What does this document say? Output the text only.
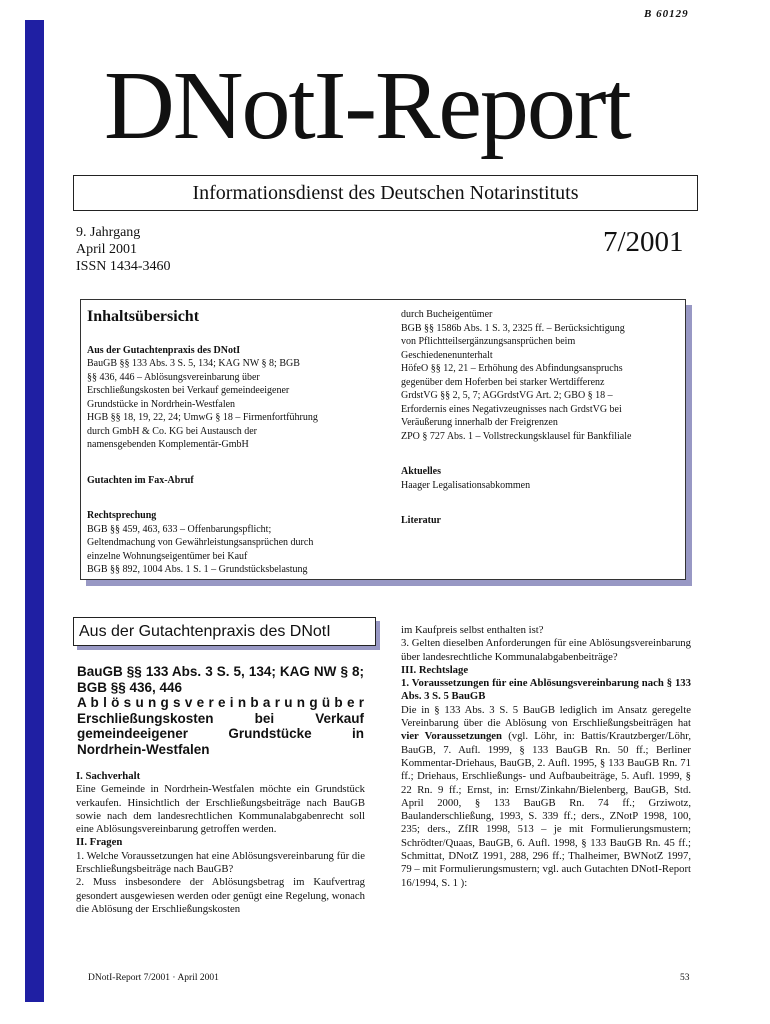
B 60129
DNotI-Report
Informationsdienst des Deutschen Notarinstituts
9. Jahrgang
April 2001
ISSN 1434-3460
7/2001
Inhaltsübersicht
Aus der Gutachtenpraxis des DNotI
BauGB §§ 133 Abs. 3 S. 5, 134; KAG NW § 8; BGB
§§ 436, 446 – Ablösungsvereinbarung über
Erschließungskosten bei Verkauf gemeindeeigener
Grundstücke in Nordrhein-Westfalen
HGB §§ 18, 19, 22, 24; UmwG § 18 – Firmenfortführung
durch GmbH & Co. KG bei Austausch der
namensgebenden Komplementär-GmbH
Gutachten im Fax-Abruf
Rechtsprechung
BGB §§ 459, 463, 633 – Offenbarungspflicht;
Geltendmachung von Gewährleistungsansprüchen durch
einzelne Wohnungseigentümer bei Kauf
BGB §§ 892, 1004 Abs. 1 S. 1 – Grundstücksbelastung
durch Bucheigentümer
BGB §§ 1586b Abs. 1 S. 3, 2325 ff. – Berücksichtigung
von Pflichtteilsergänzungsansprüchen beim
Geschiedenenunterhalt
HöfeO §§ 12, 21 – Erhöhung des Abfindungsanspruchs
gegenüber dem Hoferben bei starker Wertdifferenz
GrdstVG §§ 2, 5, 7; AGGrdstVG Art. 2; GBO § 18 –
Erfordernis eines Negativzeugnisses nach GrdstVG bei
Veräußerung innerhalb der Freigrenzen
ZPO § 727 Abs. 1 – Vollstreckungsklausel für Bankfiliale
Aktuelles
Haager Legalisationsabkommen
Literatur
Aus der Gutachtenpraxis des DNotI
BauGB §§ 133 Abs. 3 S. 5, 134; KAG NW § 8; BGB §§ 436, 446
A b l ö s u n g s v e r e i n b a r u n g ü b e r
Erschließungskosten bei Verkauf
gemeindeeigener Grundstücke in
Nordrhein-Westfalen

I. Sachverhalt

Eine Gemeinde in Nordrhein-Westfalen möchte ein Grundstück verkaufen. Hinsichtlich der Erschließungsbeiträge nach BauGB sowie nach dem landesrechtlichen Kommunalabgabenrecht soll eine Ablösungsvereinbarung getroffen werden.

II. Fragen

1. Welche Voraussetzungen hat eine Ablösungsvereinbarung für die Erschließungsbeiträge nach BauGB?

2. Muss insbesondere der Ablösungsbetrag im Kaufvertrag gesondert ausgewiesen werden oder genügt eine Regelung, wonach die Ablösung der Erschließungskosten

im Kaufpreis selbst enthalten ist?

3. Gelten dieselben Anforderungen für eine Ablösungsvereinbarung über landesrechtliche Kommunalabgabenbeiträge?

III. Rechtslage

1. Voraussetzungen für eine Ablösungsvereinbarung nach § 133 Abs. 3 S. 5 BauGB

Die in § 133 Abs. 3 S. 5 BauGB lediglich im Ansatz geregelte Vereinbarung über die Ablösung von Erschließungsbeiträgen hat vier Voraussetzungen (vgl. Löhr, in: Battis/Krautzberger/Löhr, BauGB, 7. Aufl. 1999, § 133 BauGB Rn. 50 ff.; Berliner Kommentar-Driehaus, BauGB, 2. Aufl. 1995, § 133 BauGB Rn. 71 ff.; Driehaus, Erschließungs- und Aufbaubeiträge, 5. Aufl. 1999, § 22 Rn. 9 ff.; Ernst, in: Ernst/Zinkahn/Bielenberg, BauGB, Std. April 2000, § 133 BauGB Rn. 74 ff.; Grziwotz, Baulanderschließung, 1993, S. 339 ff.; ders., ZNotP 1998, 100, 235; ders., ZfIR 1998, 513 – je mit Formulierungsmustern; Schrödter/Quaas, BauGB, 6. Aufl. 1998, § 133 BauGB Rn. 45 ff.; Schmittat, DNotZ 1991, 288, 296 ff.; Thalheimer, BWNotZ 1997, 79 – mit Formulierungsmustern; vgl. auch Gutachten DNotI-Report 16/1994, S. 1 ):

DNotI-Report 7/2001 · April 2001	53
